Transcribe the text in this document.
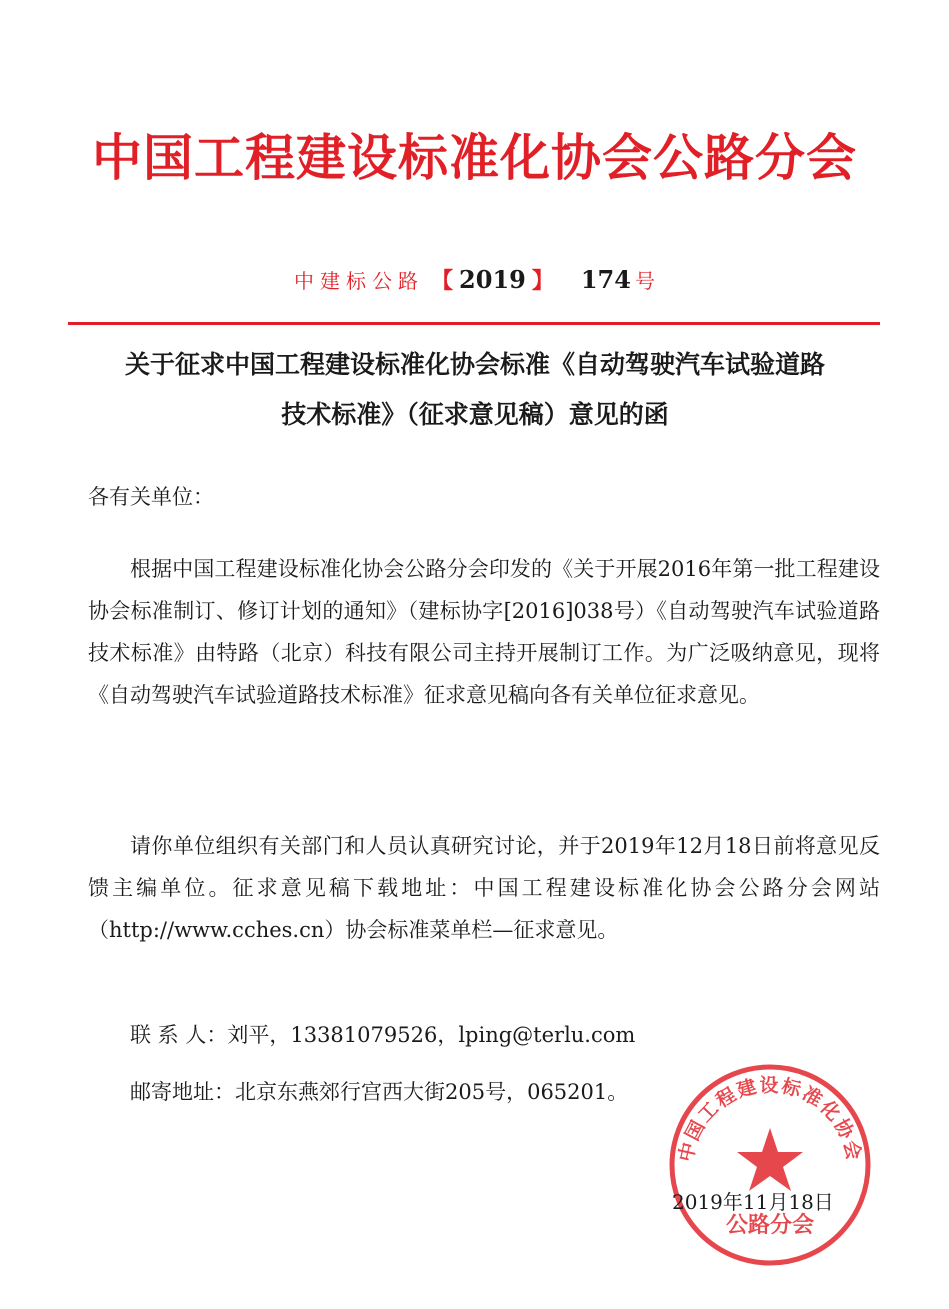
中国工程建设标准化协会公路分会
中建标公路 【 2019 】 174 号
关于征求中国工程建设标准化协会标准《自动驾驶汽车试验道路
技术标准》（征求意见稿）意见的函
各有关单位：
根据中国工程建设标准化协会公路分会印发的《关于开展2016年第一批工程建设协会标准制订、修订计划的通知》（建标协字[2016]038号）《自动驾驶汽车试验道路技术标准》由特路（北京）科技有限公司主持开展制订工作。为广泛吸纳意见，现将《自动驾驶汽车试验道路技术标准》征求意见稿向各有关单位征求意见。
请你单位组织有关部门和人员认真研究讨论，并于2019年12月18日前将意见反馈主编单位。征求意见稿下载地址：中国工程建设标准化协会公路分会网站（http://www.cches.cn）协会标准菜单栏—征求意见。
联 系 人：刘平，13381079526，lping@terlu.com
邮寄地址：北京东燕郊行宫西大街205号，065201。
中国工程建设标准化协会
公路分会
2019年11月18日
